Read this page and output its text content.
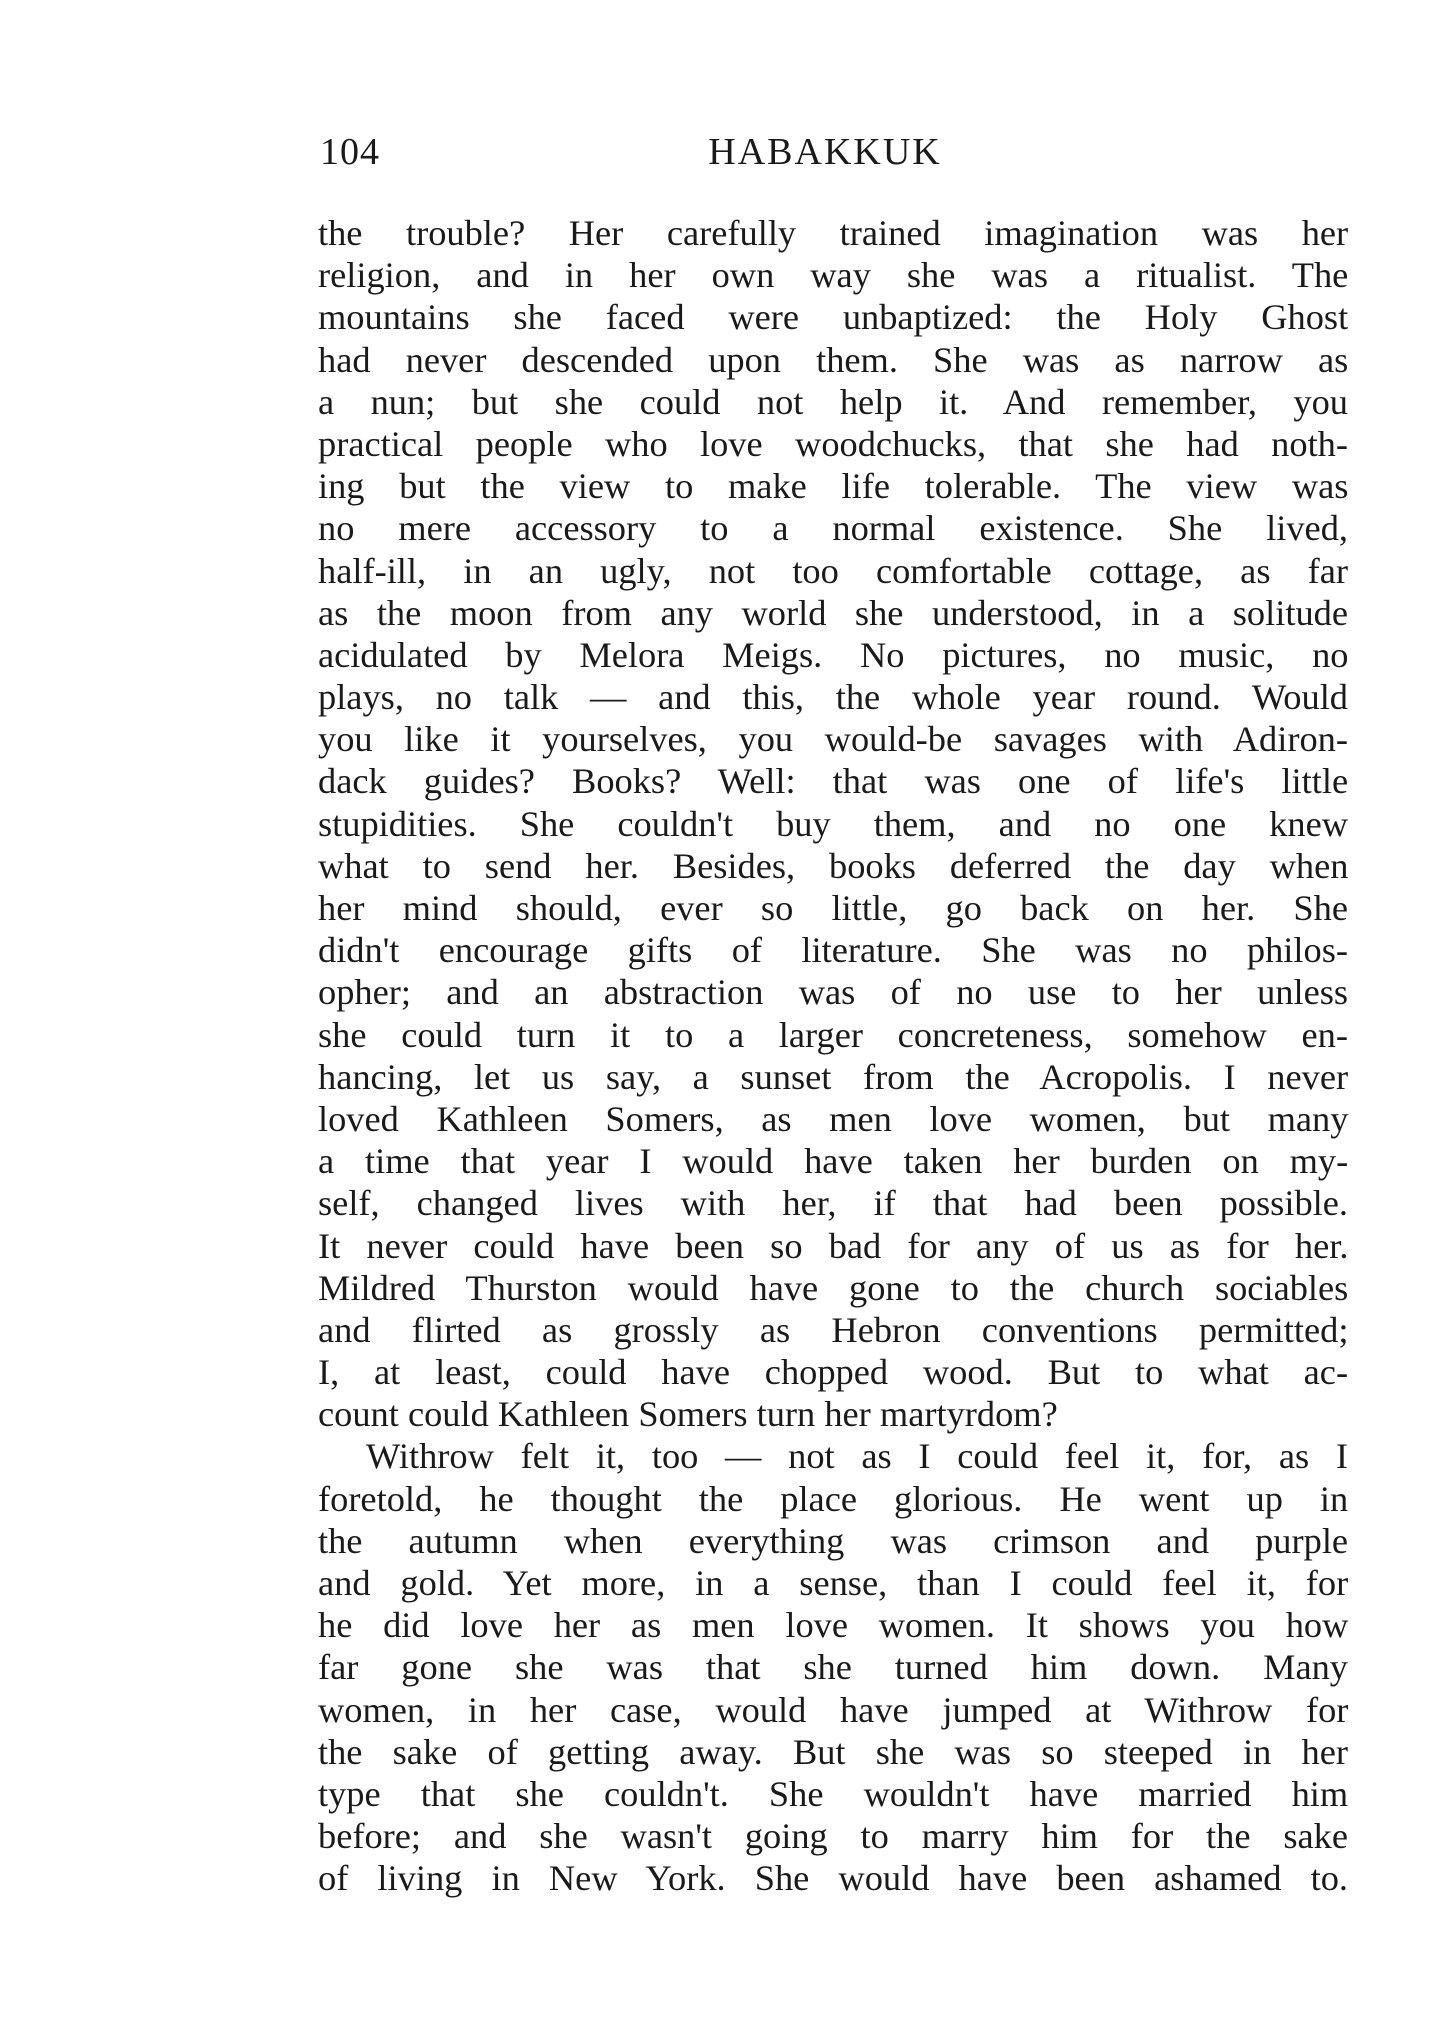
104	HABAKKUK
the trouble? Her carefully trained imagination was her
religion, and in her own way she was a ritualist. The
mountains she faced were unbaptized: the Holy Ghost
had never descended upon them. She was as narrow as
a nun; but she could not help it. And remember, you
practical people who love woodchucks, that she had noth-
ing but the view to make life tolerable. The view was
no mere accessory to a normal existence. She lived,
half-ill, in an ugly, not too comfortable cottage, as far
as the moon from any world she understood, in a solitude
acidulated by Melora Meigs. No pictures, no music, no
plays, no talk — and this, the whole year round. Would
you like it yourselves, you would-be savages with Adiron-
dack guides? Books? Well: that was one of life's little
stupidities. She couldn't buy them, and no one knew
what to send her. Besides, books deferred the day when
her mind should, ever so little, go back on her. She
didn't encourage gifts of literature. She was no philos-
opher; and an abstraction was of no use to her unless
she could turn it to a larger concreteness, somehow en-
hancing, let us say, a sunset from the Acropolis. I never
loved Kathleen Somers, as men love women, but many
a time that year I would have taken her burden on my-
self, changed lives with her, if that had been possible.
It never could have been so bad for any of us as for her.
Mildred Thurston would have gone to the church sociables
and flirted as grossly as Hebron conventions permitted;
I, at least, could have chopped wood. But to what ac-
count could Kathleen Somers turn her martyrdom?
Withrow felt it, too — not as I could feel it, for, as I
foretold, he thought the place glorious. He went up in
the autumn when everything was crimson and purple
and gold. Yet more, in a sense, than I could feel it, for
he did love her as men love women. It shows you how
far gone she was that she turned him down. Many
women, in her case, would have jumped at Withrow for
the sake of getting away. But she was so steeped in her
type that she couldn't. She wouldn't have married him
before; and she wasn't going to marry him for the sake
of living in New York. She would have been ashamed to.
